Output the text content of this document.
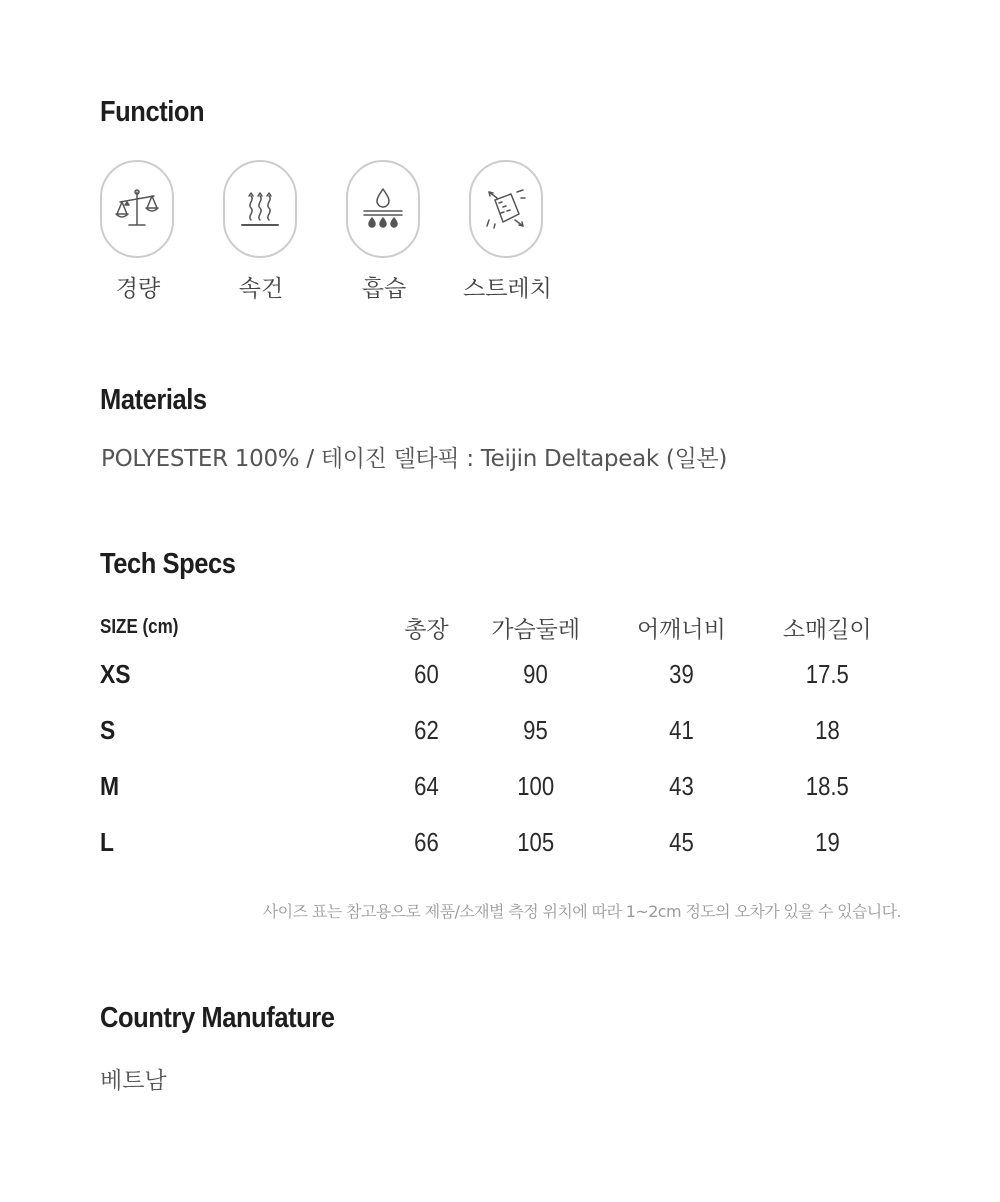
Function
경량	속건	흡습	스트레치
Materials
POLYESTER 100% / 테이진 델타픽 : Teijin Deltapeak (일본)
Tech Specs
SIZE (cm)	총장	가슴둘레	어깨너비	소매길이
XS	60	90	39	17.5
S	62	95	41	18
M	64	100	43	18.5
L	66	105	45	19
사이즈 표는 참고용으로 제품/소재별 측정 위치에 따라 1~2cm 정도의 오차가 있을 수 있습니다.
Country Manufature
베트남
